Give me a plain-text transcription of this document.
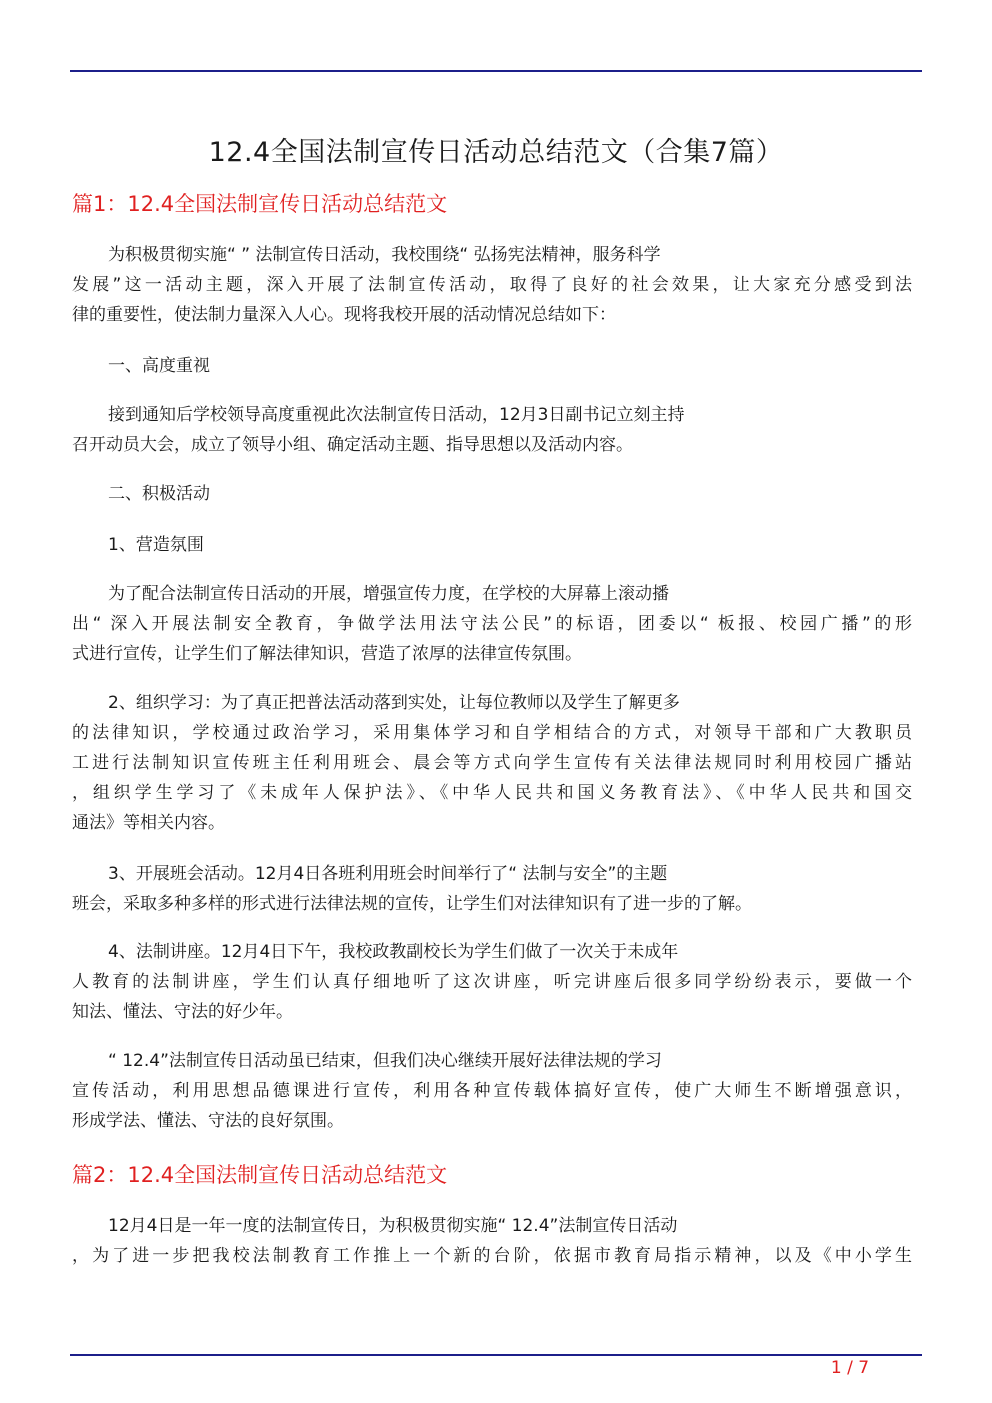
12.4全国法制宣传日活动总结范文（合集7篇）
篇1：12.4全国法制宣传日活动总结范文
为积极贯彻实施“ ” 法制宣传日活动，我校围绕“ 弘扬宪法精神，服务科学
发展”这一活动主题，深入开展了法制宣传活动，取得了良好的社会效果，让大家充分感受到法
律的重要性，使法制力量深入人心。现将我校开展的活动情况总结如下：
一、高度重视
接到通知后学校领导高度重视此次法制宣传日活动，12月3日副书记立刻主持
召开动员大会，成立了领导小组、确定活动主题、指导思想以及活动内容。
二、积极活动
1、营造氛围
为了配合法制宣传日活动的开展，增强宣传力度，在学校的大屏幕上滚动播
出“ 深入开展法制安全教育，争做学法用法守法公民”的标语，团委以“ 板报、校园广播”的形
式进行宣传，让学生们了解法律知识，营造了浓厚的法律宣传氛围。
2、组织学习：为了真正把普法活动落到实处，让每位教师以及学生了解更多
的法律知识，学校通过政治学习，采用集体学习和自学相结合的方式，对领导干部和广大教职员
工进行法制知识宣传班主任利用班会、晨会等方式向学生宣传有关法律法规同时利用校园广播站
，组织学生学习了《未成年人保护法》、《中华人民共和国义务教育法》、《中华人民共和国交
通法》等相关内容。
3、开展班会活动。12月4日各班利用班会时间举行了“ 法制与安全”的主题
班会，采取多种多样的形式进行法律法规的宣传，让学生们对法律知识有了进一步的了解。
4、法制讲座。12月4日下午，我校政教副校长为学生们做了一次关于未成年
人教育的法制讲座，学生们认真仔细地听了这次讲座，听完讲座后很多同学纷纷表示，要做一个
知法、懂法、守法的好少年。
“ 12.4”法制宣传日活动虽已结束，但我们决心继续开展好法律法规的学习
宣传活动，利用思想品德课进行宣传，利用各种宣传载体搞好宣传，使广大师生不断增强意识，
形成学法、懂法、守法的良好氛围。
篇2：12.4全国法制宣传日活动总结范文
12月4日是一年一度的法制宣传日，为积极贯彻实施“ 12.4”法制宣传日活动
，为了进一步把我校法制教育工作推上一个新的台阶，依据市教育局指示精神，以及《中小学生
1 / 7
